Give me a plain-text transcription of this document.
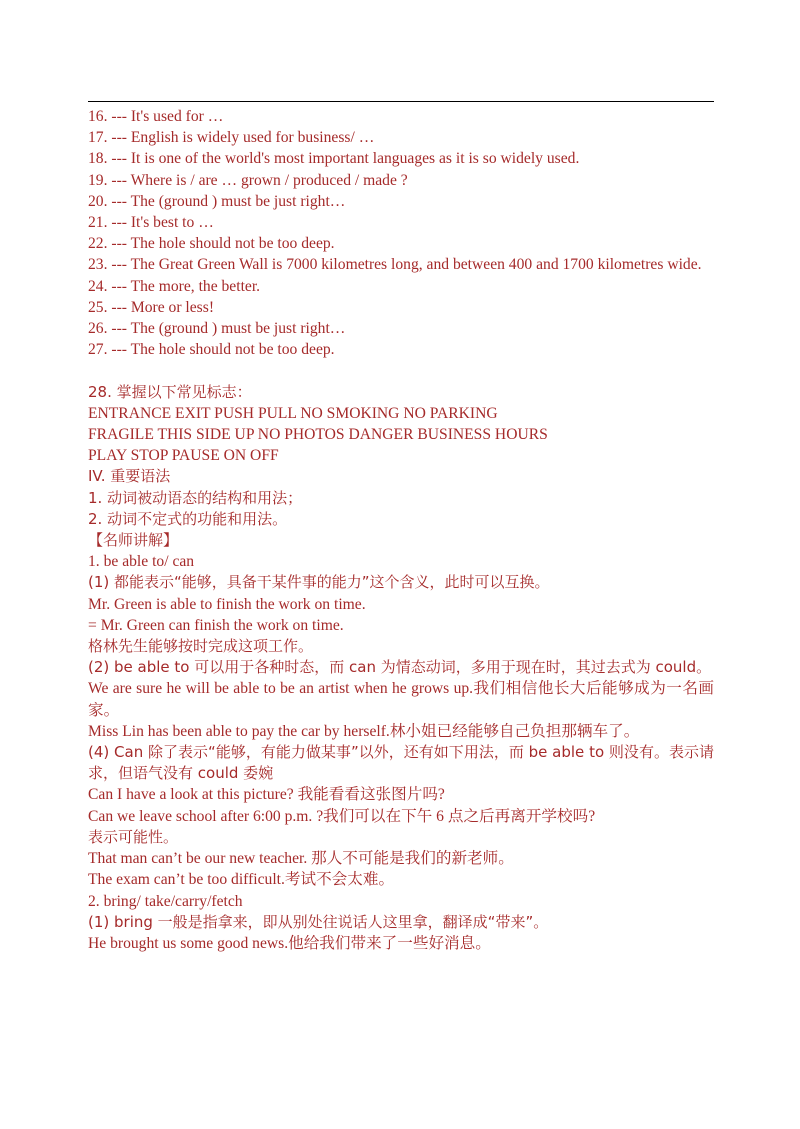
16. --- It's used for …
17. --- English is widely used for business/ …
18. --- It is one of the world's most important languages as it is so widely used.
19. --- Where is / are … grown / produced / made ?
20. --- The (ground ) must be just right…
21. --- It's best to …
22. --- The hole should not be too deep.
23. --- The Great Green Wall is 7000 kilometres long, and between 400 and 1700 kilometres wide.
24. --- The more, the better.
25. --- More or less!
26. --- The (ground ) must be just right…
27. --- The hole should not be too deep.
28. 掌握以下常见标志：
ENTRANCE EXIT PUSH PULL NO SMOKING NO PARKING
FRAGILE THIS SIDE UP NO PHOTOS DANGER BUSINESS HOURS
PLAY STOP PAUSE ON OFF
IV. 重要语法
1. 动词被动语态的结构和用法；
2. 动词不定式的功能和用法。
【名师讲解】
1. be able to/ can
(1) 都能表示“能够，具备干某件事的能力”这个含义，此时可以互换。
Mr. Green is able to finish the work on time.
= Mr. Green can finish the work on time.
格林先生能够按时完成这项工作。
(2) be able to 可以用于各种时态，而 can 为情态动词，多用于现在时，其过去式为 could。
We are sure he will be able to be an artist when he grows up.我们相信他长大后能够成为一名画家。
Miss Lin has been able to pay the car by herself.林小姐已经能够自己负担那辆车了。
(4) Can 除了表示“能够，有能力做某事”以外，还有如下用法，而 be able to 则没有。表示请求，但语气没有 could 委婉
Can I have a look at this picture? 我能看看这张图片吗?
Can we leave school after 6:00 p.m. ?我们可以在下午 6 点之后再离开学校吗?
表示可能性。
That man can’t be our new teacher. 那人不可能是我们的新老师。
The exam can’t be too difficult.考试不会太难。
2. bring/ take/carry/fetch
(1) bring 一般是指拿来，即从别处往说话人这里拿，翻译成“带来”。
He brought us some good news.他给我们带来了一些好消息。
